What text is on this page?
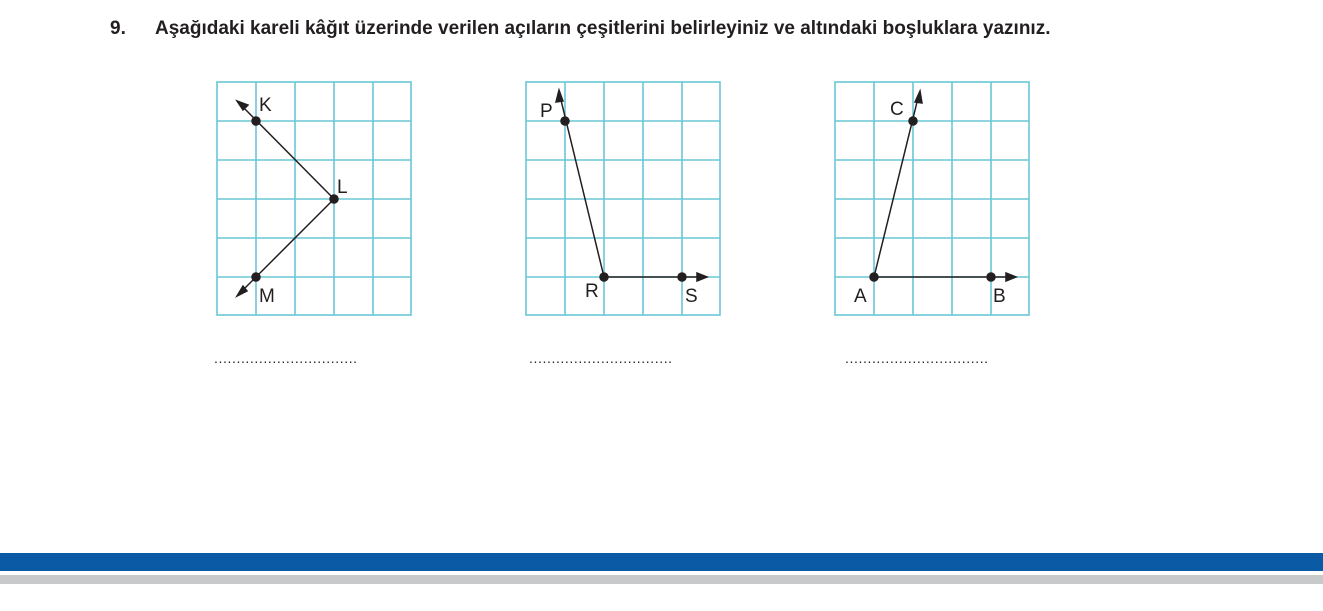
9. Aşağıdaki kareli kâğıt üzerinde verilen açıların çeşitlerini belirleyiniz ve altındaki boşluklara yazınız.
K
L
M
P
R	S
C
A	B
................................	................................	................................
